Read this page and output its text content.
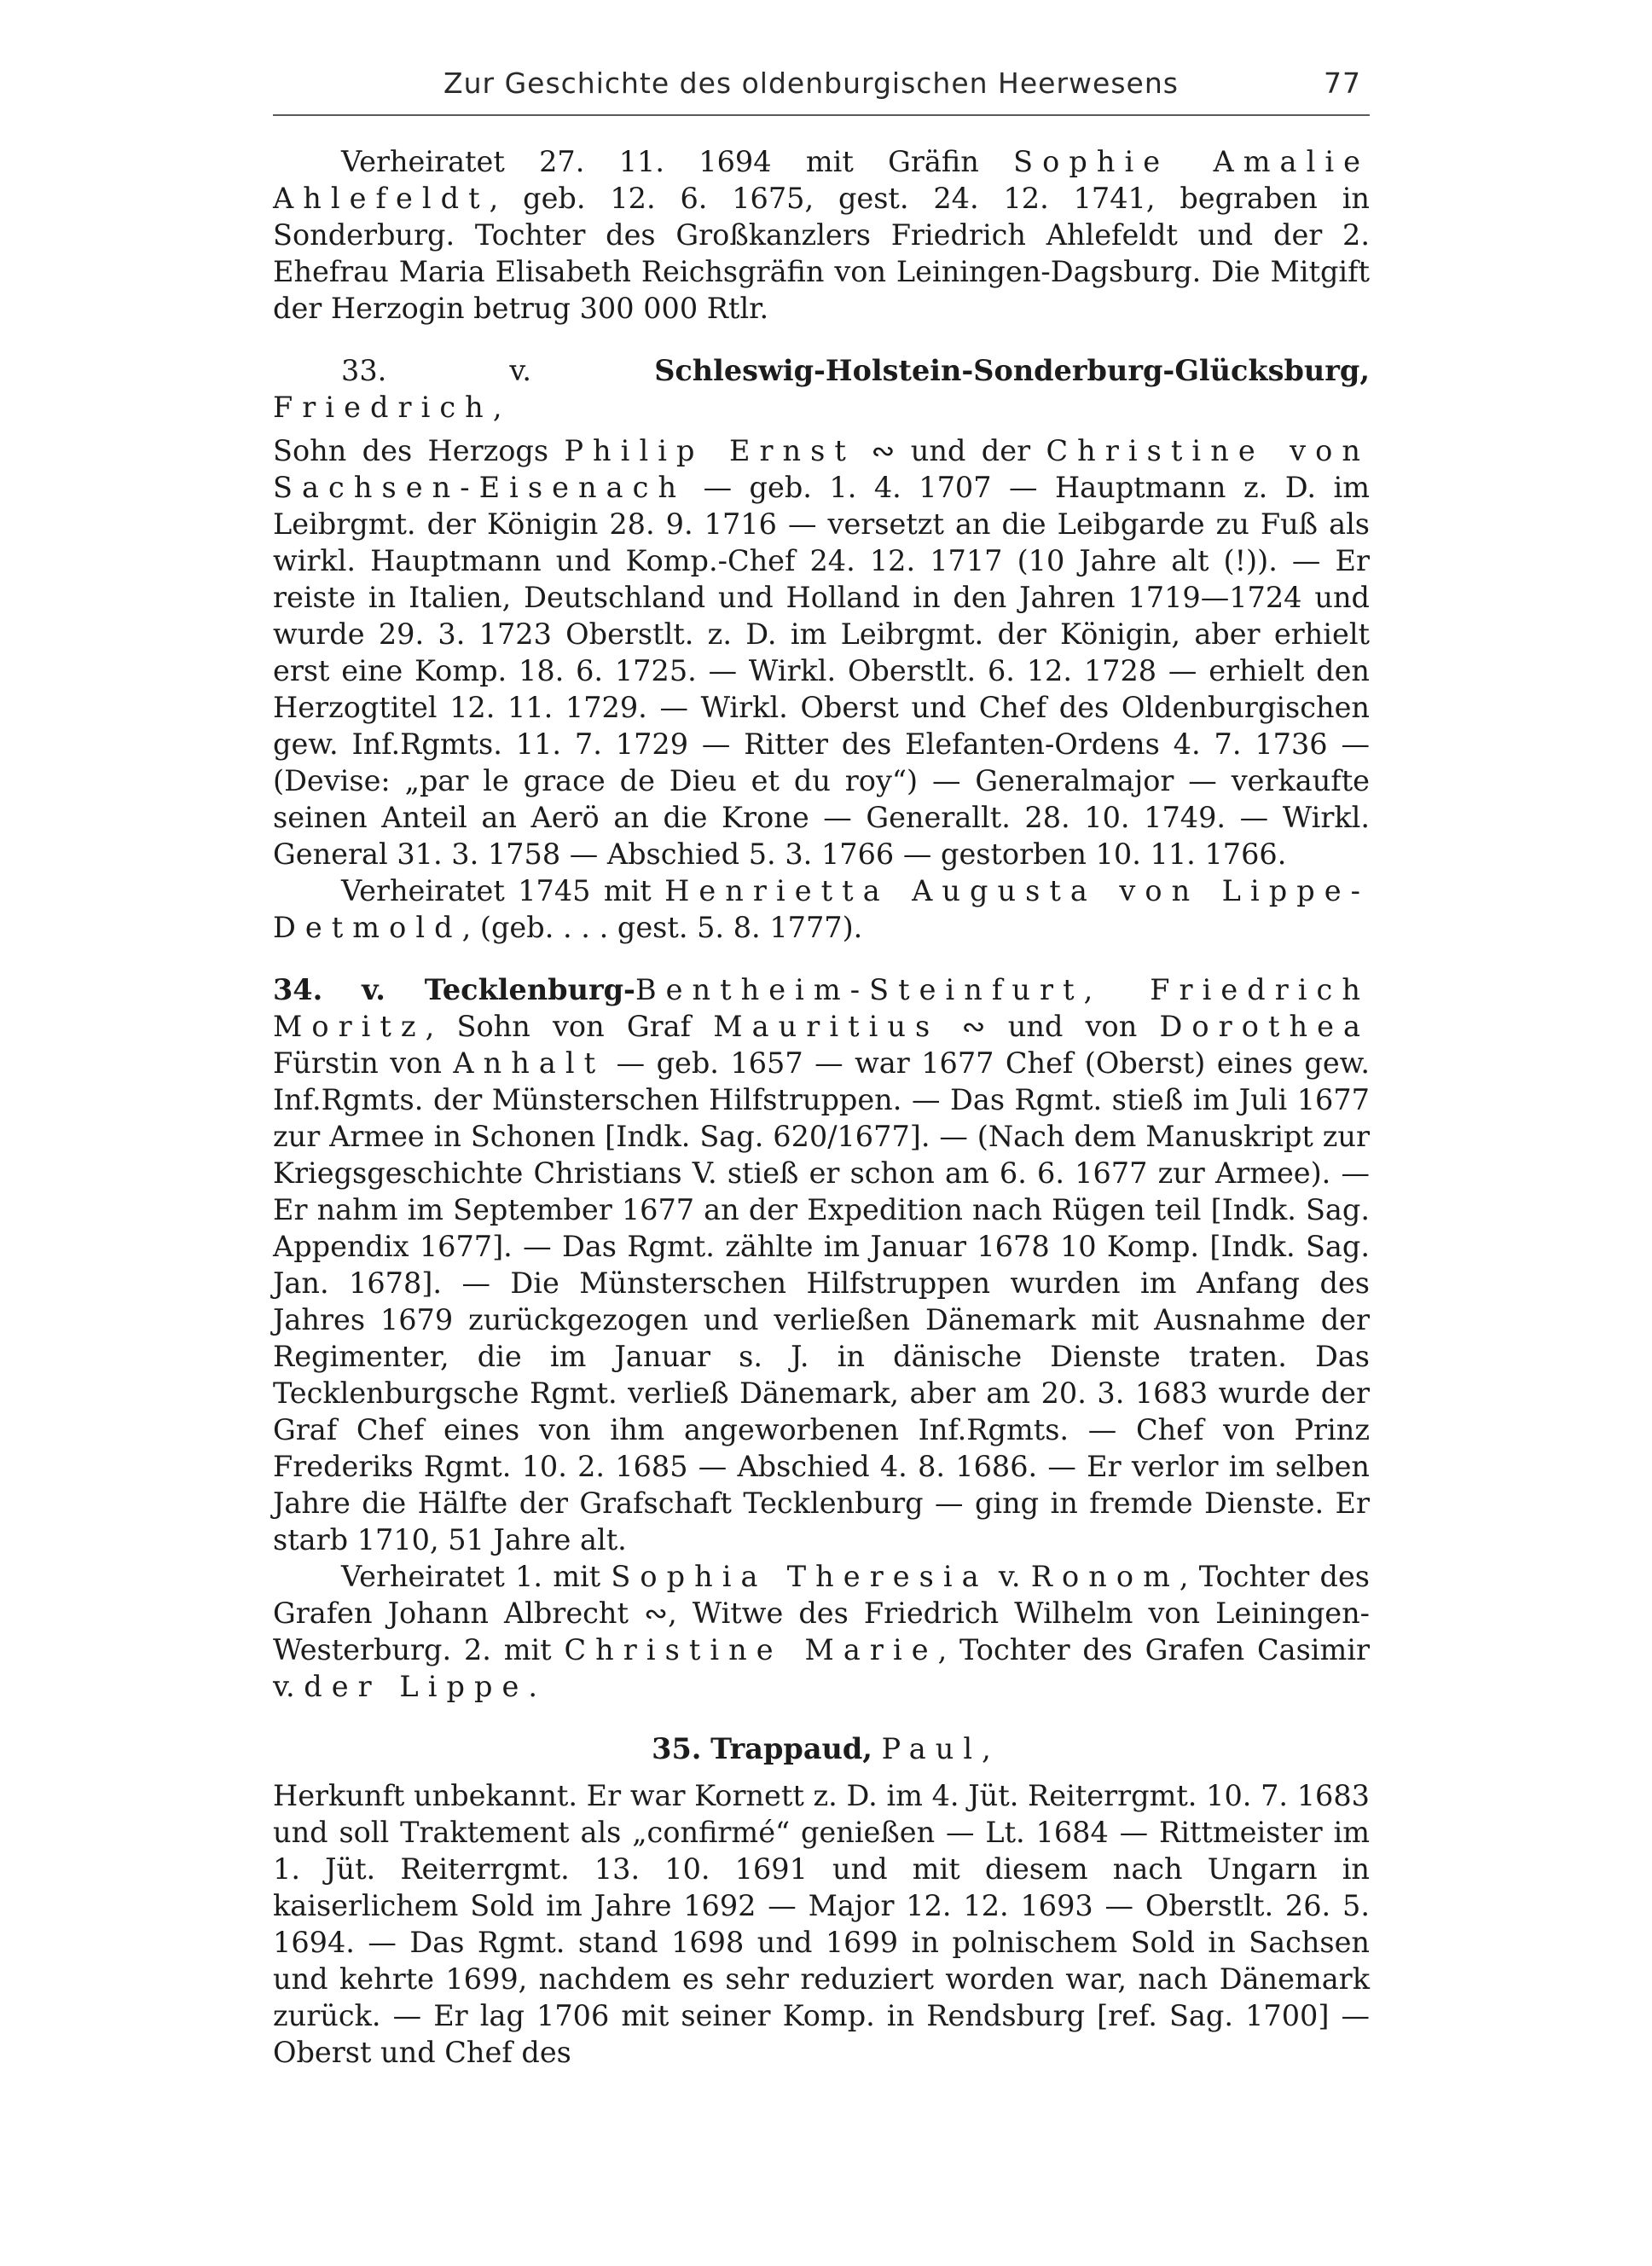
Zur Geschichte des oldenburgischen Heerwesens	77

Verheiratet 27. 11. 1694 mit Gräfin Sophie Amalie Ahlefeldt, geb. 12. 6. 1675, gest. 24. 12. 1741, begraben in Sonderburg. Tochter des Großkanzlers Friedrich Ahlefeldt und der 2. Ehefrau Maria Elisabeth Reichsgräfin von Leiningen-Dagsburg. Die Mitgift der Herzogin betrug 300 000 Rtlr.

33. v. Schleswig-Holstein-Sonderburg-Glücksburg, Friedrich,

Sohn des Herzogs Philip Ernst ∾ und der Christine von Sachsen-Eisenach — geb. 1. 4. 1707 — Hauptmann z. D. im Leibrgmt. der Königin 28. 9. 1716 — versetzt an die Leibgarde zu Fuß als wirkl. Hauptmann und Komp.-Chef 24. 12. 1717 (10 Jahre alt (!)). — Er reiste in Italien, Deutschland und Holland in den Jahren 1719—1724 und wurde 29. 3. 1723 Oberstlt. z. D. im Leibrgmt. der Königin, aber erhielt erst eine Komp. 18. 6. 1725. — Wirkl. Oberstlt. 6. 12. 1728 — erhielt den Herzogtitel 12. 11. 1729. — Wirkl. Oberst und Chef des Oldenburgischen gew. Inf.Rgmts. 11. 7. 1729 — Ritter des Elefanten-Ordens 4. 7. 1736 — (Devise: „par le grace de Dieu et du roy“) — Generalmajor — verkaufte seinen Anteil an Aerö an die Krone — Generallt. 28. 10. 1749. — Wirkl. General 31. 3. 1758 — Abschied 5. 3. 1766 — gestorben 10. 11. 1766.

Verheiratet 1745 mit Henrietta Augusta von Lippe-Detmold, (geb. . . . gest. 5. 8. 1777).

34. v. Tecklenburg-Bentheim-Steinfurt, Friedrich Moritz, Sohn von Graf Mauritius ∾ und von Dorothea Fürstin von Anhalt — geb. 1657 — war 1677 Chef (Oberst) eines gew. Inf.Rgmts. der Münsterschen Hilfstruppen. — Das Rgmt. stieß im Juli 1677 zur Armee in Schonen [Indk. Sag. 620/1677]. — (Nach dem Manuskript zur Kriegsgeschichte Christians V. stieß er schon am 6. 6. 1677 zur Armee). — Er nahm im September 1677 an der Expedition nach Rügen teil [Indk. Sag. Appendix 1677]. — Das Rgmt. zählte im Januar 1678 10 Komp. [Indk. Sag. Jan. 1678]. — Die Münsterschen Hilfstruppen wurden im Anfang des Jahres 1679 zurückgezogen und verließen Dänemark mit Ausnahme der Regimenter, die im Januar s. J. in dänische Dienste traten. Das Tecklenburgsche Rgmt. verließ Dänemark, aber am 20. 3. 1683 wurde der Graf Chef eines von ihm angeworbenen Inf.Rgmts. — Chef von Prinz Frederiks Rgmt. 10. 2. 1685 — Abschied 4. 8. 1686. — Er verlor im selben Jahre die Hälfte der Grafschaft Tecklenburg — ging in fremde Dienste. Er starb 1710, 51 Jahre alt.

Verheiratet 1. mit Sophia Theresia v. Ronom, Tochter des Grafen Johann Albrecht ∾, Witwe des Friedrich Wilhelm von Leiningen-Westerburg. 2. mit Christine Marie, Tochter des Grafen Casimir v. der Lippe.

35. Trappaud, Paul,

Herkunft unbekannt. Er war Kornett z. D. im 4. Jüt. Reiterrgmt. 10. 7. 1683 und soll Traktement als „confirmé“ genießen — Lt. 1684 — Rittmeister im 1. Jüt. Reiterrgmt. 13. 10. 1691 und mit diesem nach Ungarn in kaiserlichem Sold im Jahre 1692 — Major 12. 12. 1693 — Oberstlt. 26. 5. 1694. — Das Rgmt. stand 1698 und 1699 in polnischem Sold in Sachsen und kehrte 1699, nachdem es sehr reduziert worden war, nach Dänemark zurück. — Er lag 1706 mit seiner Komp. in Rendsburg [ref. Sag. 1700] — Oberst und Chef des
